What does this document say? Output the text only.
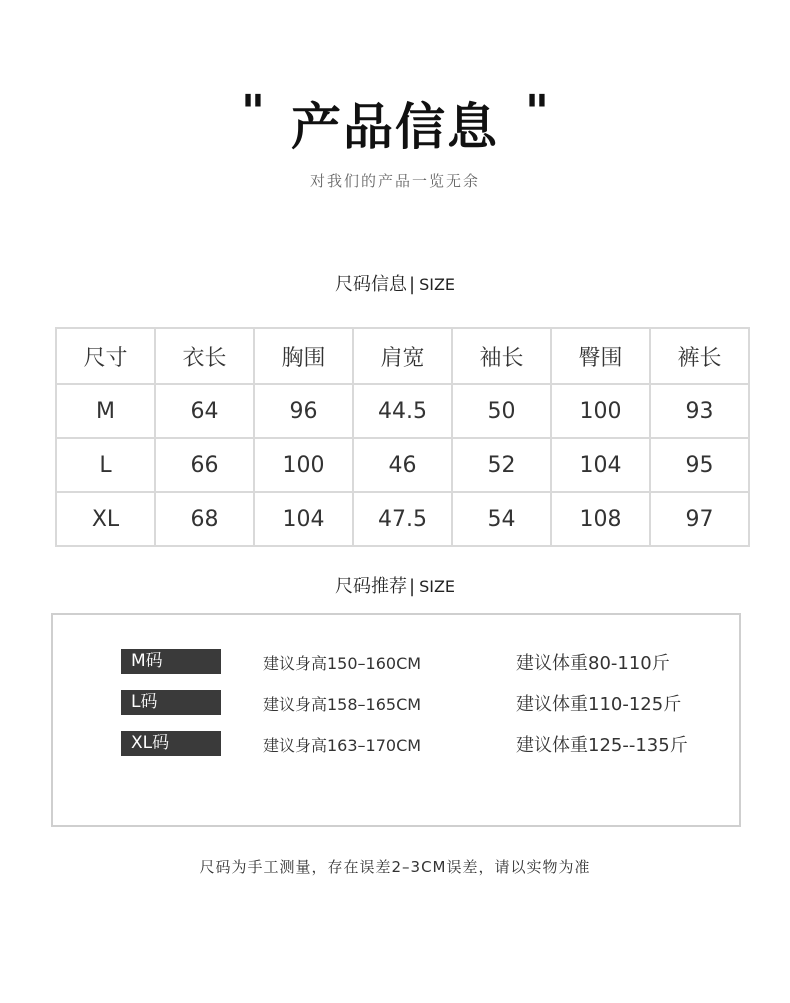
" 产品信息 "
对我们的产品一览无余
尺码信息 | SIZE
尺寸	衣长	胸围	肩宽	袖长	臀围	裤长
M	64	96	44.5	50	100	93
L	66	100	46	52	104	95
XL	68	104	47.5	54	108	97
尺码推荐 | SIZE
M码	建议身高150–160CM	建议体重80-110斤
L码	建议身高158–165CM	建议体重110-125斤
XL码	建议身高163–170CM	建议体重125--135斤
尺码为手工测量，存在误差2–3CM误差，请以实物为准
